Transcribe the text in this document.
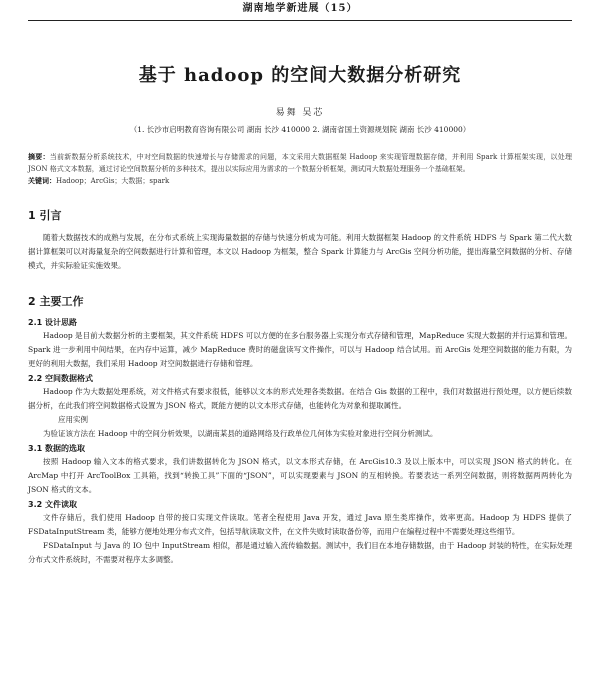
湖南地学新进展（15）
基于 hadoop 的空间大数据分析研究
易舞 吴芯
（1. 长沙市启明教育咨询有限公司 湖南 长沙 410000 2. 湖南省国土资源规划院 湖南 长沙 410000）
摘要：当前新数据分析系统技术，中对空间数据的快速增长与存储需求的问题，本文采用大数据框架 Hadoop 来实现管理数据存储，并利用 Spark 计算框架实现，以处理 JSON 格式文本数据，通过讨论空间数据分析的多种技术，提出以实际应用为需求的一个数据分析框架，测试同大数据处理服务一个基础框架。
关键词：Hadoop；ArcGis；大数据；spark
1 引言

随着大数据技术的成熟与发展，在分布式系统上实现海量数据的存储与快速分析成为可能。利用大数据框架 Hadoop 的文件系统 HDFS 与 Spark 第二代大数据计算框架可以对海量复杂的空间数据进行计算和管理，本文以 Hadoop 为框架，整合 Spark 计算能力与 ArcGis 空间分析功能，提出海量空间数据的分析、存储模式，并实际验证实施效果。

2 主要工作
2.1 设计思路

Hadoop 是目前大数据分析的主要框架，其文件系统 HDFS 可以方便的在多台服务器上实现分布式存储和管理，MapReduce 实现大数据的并行运算和管理。Spark 进一步利用中间结果，在内存中运算，减少 MapReduce 费时的磁盘读写文件操作，可以与 Hadoop 结合试用。而 ArcGis 处理空间数据的能力有限，为更好的利用大数据，我们采用 Hadoop 对空间数据进行存储和管理。

2.2 空间数据格式

Hadoop 作为大数据处理系统，对文件格式有要求很低，能够以文本的形式处理各类数据。在结合 Gis 数据的工程中，我们对数据进行预处理，以方便后续数据分析，在此我们将空间数据格式设置为 JSON 格式，既能方便的以文本形式存储，也能转化为对象和提取属性。

应用实例

为验证该方法在 Hadoop 中的空间分析效果，以湖南某县的道路网络及行政单位几何体为实验对象进行空间分析测试。

3.1 数据的选取

按照 Hadoop 输入文本的格式要求，我们讲数据转化为 JSON 格式，以文本形式存储，在 ArcGis10.3 及以上版本中，可以实现 JSON 格式的转化。在 ArcMap 中打开 ArcToolBox 工具箱，找到“转换工具”下面的“JSON”，可以实现要素与 JSON 的互相转换。若要表达一系列空间数据，则将数据两两转化为 JSON 格式的文本。

3.2 文件读取

文件存储后，我们使用 Hadoop 自带的接口实现文件读取。笔者全程使用 Java 开发，通过 Java 原生类库操作，效率更高。Hadoop 为 HDFS 提供了 FSDataInputStream 类，能够方便地处理分布式文件，包括导航读取文件，在文件失败时读取备份等，而用户在编程过程中不需要处理这些细节。

FSDataInput 与 Java 的 IO 包中 InputStream 相似，都是通过输入流传输数据。测试中，我们目在本地存储数据，由于 Hadoop 封装的特性，在实际处理分布式文件系统时，不需要对程序太多调整。
